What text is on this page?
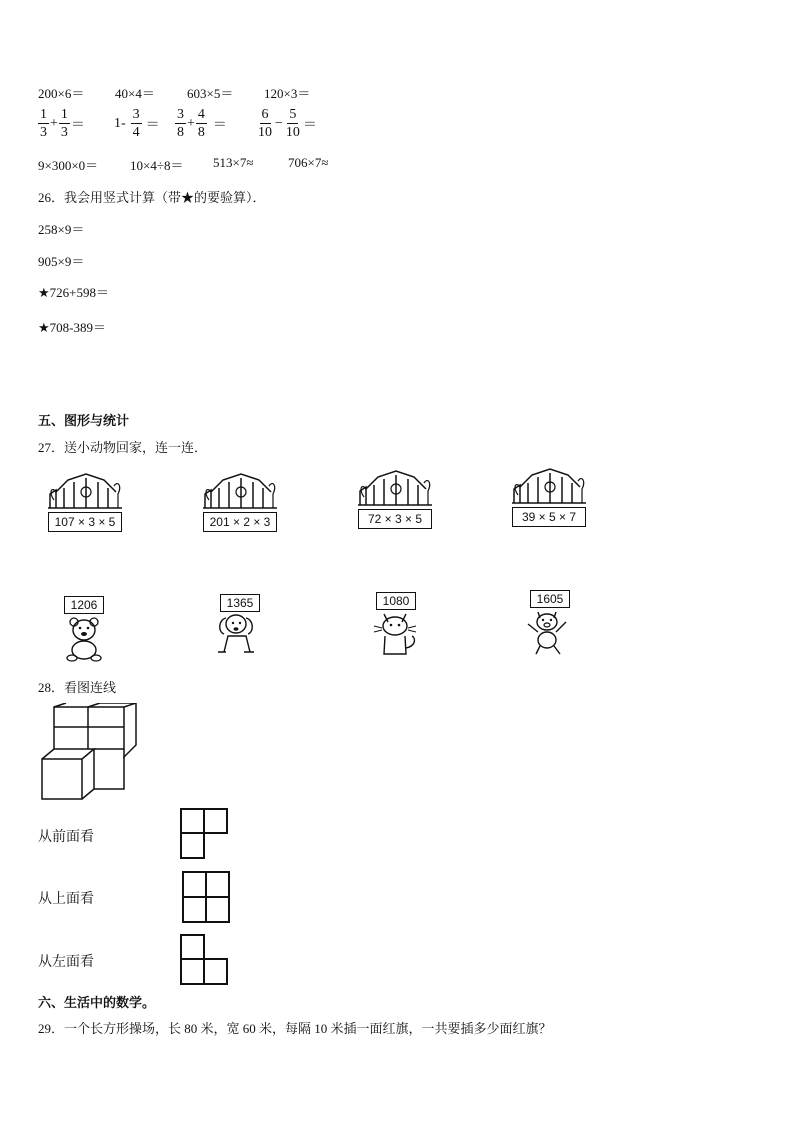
200×6＝ 40×4＝ 603×5＝ 120×3＝
$\frac{1}{3} + \frac{1}{3} = 1- \frac{3}{4} = \frac{3}{8} + \frac{4}{8} = \frac{6}{10} - \frac{5}{10}$ ＝
9×300×0＝ 10×4÷8＝ 513×7≈	706×7≈
26．我会用竖式计算（带★的要验算）．
258×9＝
905×9＝
★726+598＝
★708-389＝
五、图形与统计
27．送小动物回家，连一连．
107 × 3 × 5	201 × 2 × 3	72 × 3 × 5	39 × 5 × 7
1206	1365	1080	1605
28．看图连线
从前面看
从上面看
从左面看
六、生活中的数学。
29．一个长方形操场，长 80 米，宽 60 米，每隔 10 米插一面红旗，一共要插多少面红旗？
